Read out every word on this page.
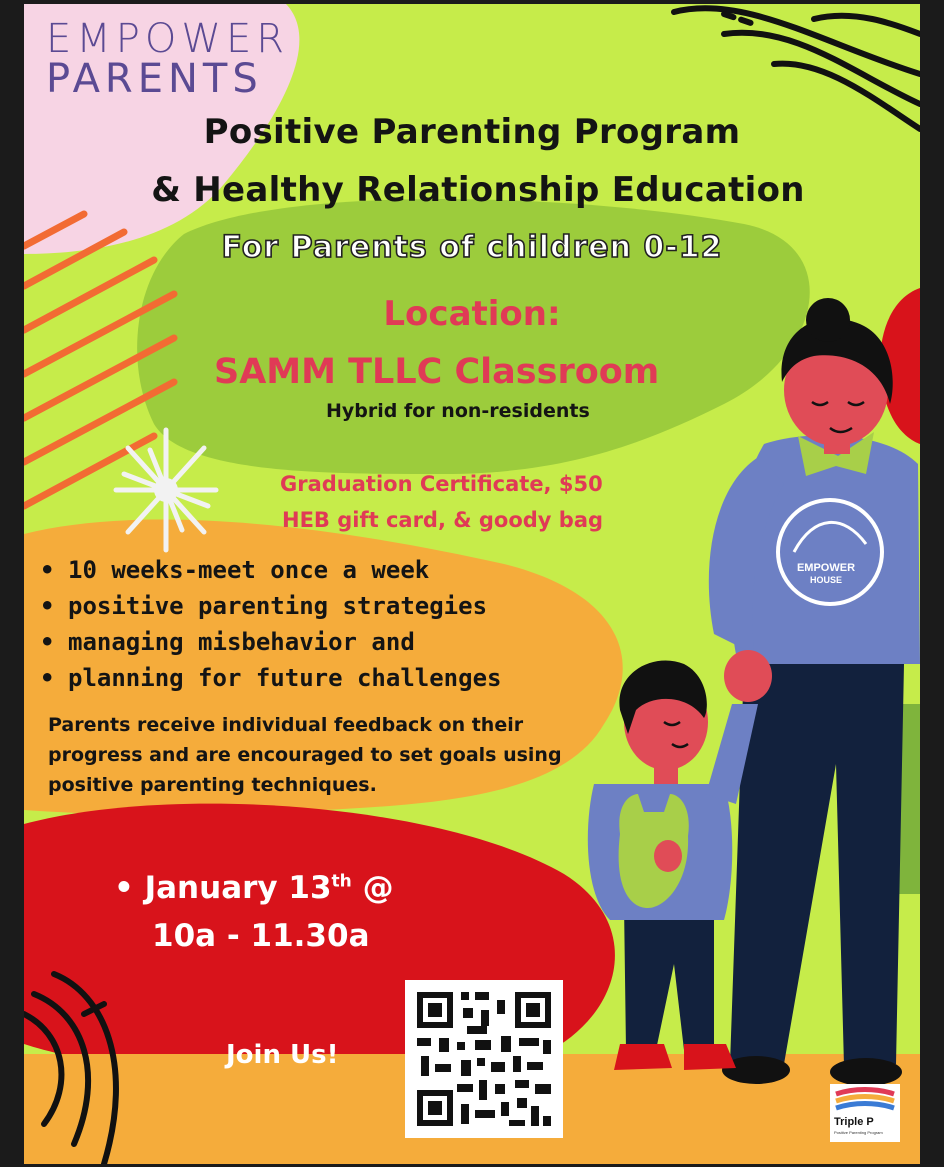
EMPOWER
PARENTS
Positive Parenting Program
& Healthy Relationship Education
For Parents of children 0-12
Location:
SAMM TLLC Classroom
Hybrid for non-residents
Graduation Certificate, $50
HEB gift card, & goody bag
• 10 weeks-meet once a week
• positive parenting strategies
• managing misbehavior and
• planning for future challenges
Parents receive individual feedback on their progress and are encouraged to set goals using positive parenting techniques.
• January 13th @
10a - 11.30a
Join Us!
EMPOWER
HOUSE
Triple P
Positive Parenting Program
